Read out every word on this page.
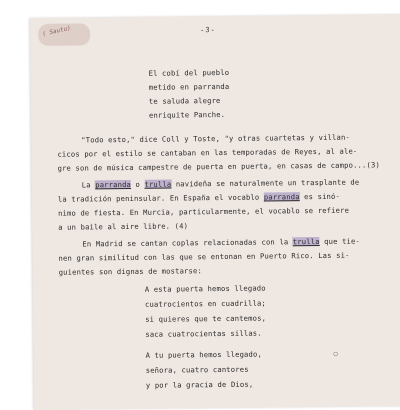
( Sautu)	-3-
El cobí del pueblo
metido en parranda
te saluda alegre
enriquite Panche.
"Todo esto," dice Coll y Toste, "y otras cuartetas y villan-
cicos por el estilo se cantaban en las temporadas de Reyes, al ale-
gre son de música campestre de puerta en puerta, en casas de campo...(3)
La parranda o trulla navideña se naturalmente un trasplante de
la tradición peninsular. En España el vocablo parranda es sinó-
nimo de fiesta. En Murcia, particularmente, el vocablo se refiere
a un baile al aire libre. (4)
En Madrid se cantan coplas relacionadas con la trulla que tie-
nen gran similitud con las que se entonan en Puerto Rico. Las si-
guientes son dignas de mostarse:
A esta puerta hemos llegado
cuatrocientos en cuadrilla;
si quieres que te cantemos,
saca cuatrocientas sillas.
A tu puerta hemos llegado,	○
señora, cuatro cantores
y por la gracia de Dios,
